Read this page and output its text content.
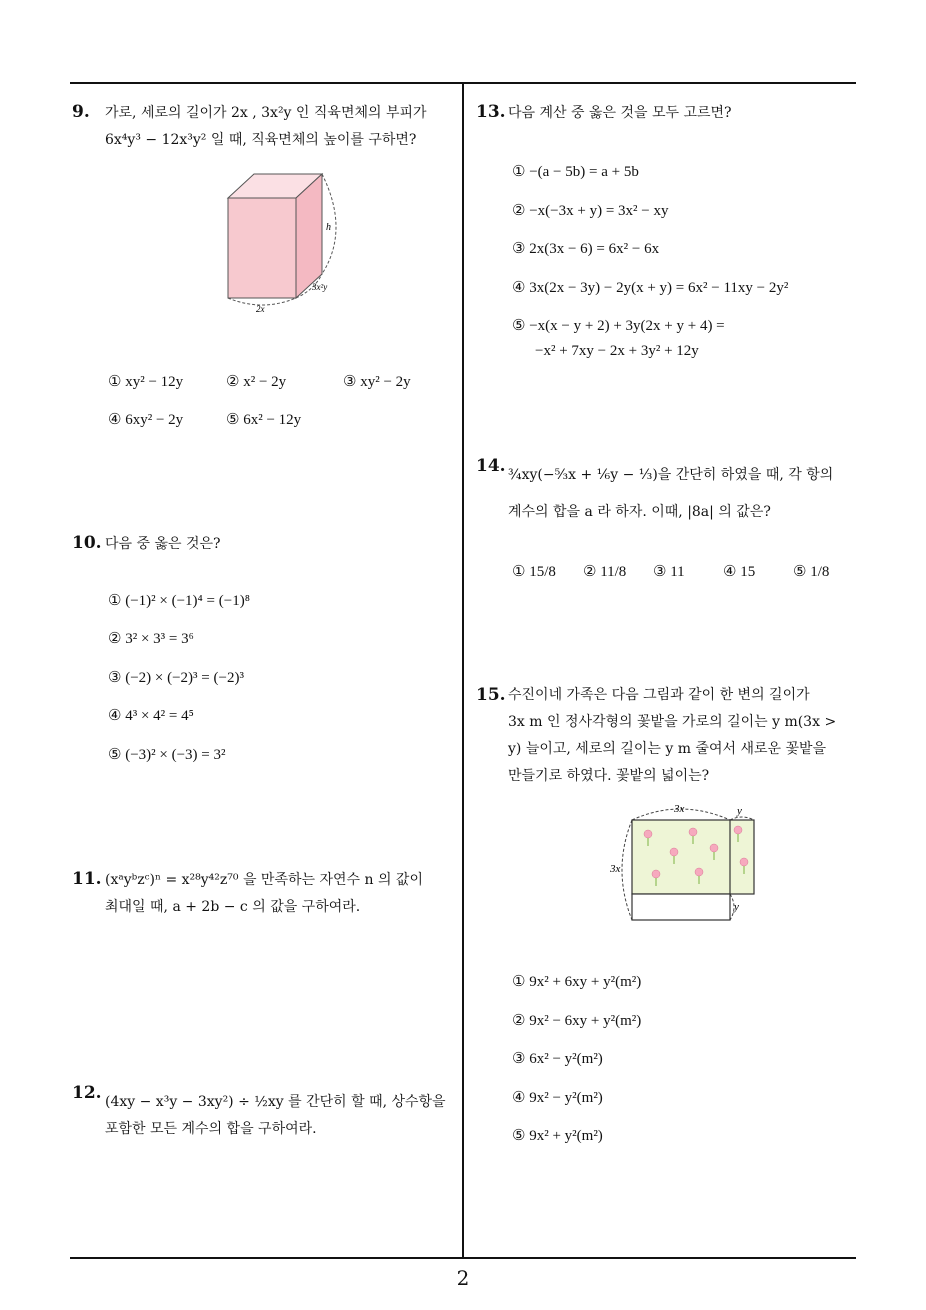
2
9. 가로, 세로의 길이가 2x , 3x²y 인 직육면체의 부피가
6x⁴y³ − 12x³y² 일 때, 직육면체의 높이를 구하면?
h
3x²y
2x
① xy² − 12y	② x² − 2y	③ xy² − 2y
④ 6xy² − 2y	⑤ 6x² − 12y
10. 다음 중 옳은 것은?
① (−1)² × (−1)⁴ = (−1)⁸
② 3² × 3³ = 3⁶
③ (−2) × (−2)³ = (−2)³
④ 4³ × 4² = 4⁵
⑤ (−3)² × (−3) = 3²
11. (xᵃyᵇzᶜ)ⁿ = x²⁸y⁴²z⁷⁰ 을 만족하는 자연수 n 의 값이
최대일 때, a + 2b − c 의 값을 구하여라.
12. (4xy − x³y − 3xy²) ÷ ½xy 를 간단히 할 때, 상수항을
포함한 모든 계수의 합을 구하여라.
13. 다음 계산 중 옳은 것을 모두 고르면?
① −(a − 5b) = a + 5b
② −x(−3x + y) = 3x² − xy
③ 2x(3x − 6) = 6x² − 6x
④ 3x(2x − 3y) − 2y(x + y) = 6x² − 11xy − 2y²
⑤ −x(x − y + 2) + 3y(2x + y + 4) =
−x² + 7xy − 2x + 3y² + 12y
14. ¾xy(−⁵⁄₃x + ⅙y − ⅓)을 간단히 하였을 때, 각 항의
계수의 합을 a 라 하자. 이때, |8a| 의 값은?
① 15/8 ② 11/8 ③ 11	④ 15	⑤ 1/8
15. 수진이네 가족은 다음 그림과 같이 한 변의 길이가
3x m 인 정사각형의 꽃밭을 가로의 길이는 y m(3x >
y) 늘이고, 세로의 길이는 y m 줄여서 새로운 꽃밭을
만들기로 하였다. 꽃밭의 넓이는?
3x	y
3x
y
① 9x² + 6xy + y²(m²)
② 9x² − 6xy + y²(m²)
③ 6x² − y²(m²)
④ 9x² − y²(m²)
⑤ 9x² + y²(m²)
